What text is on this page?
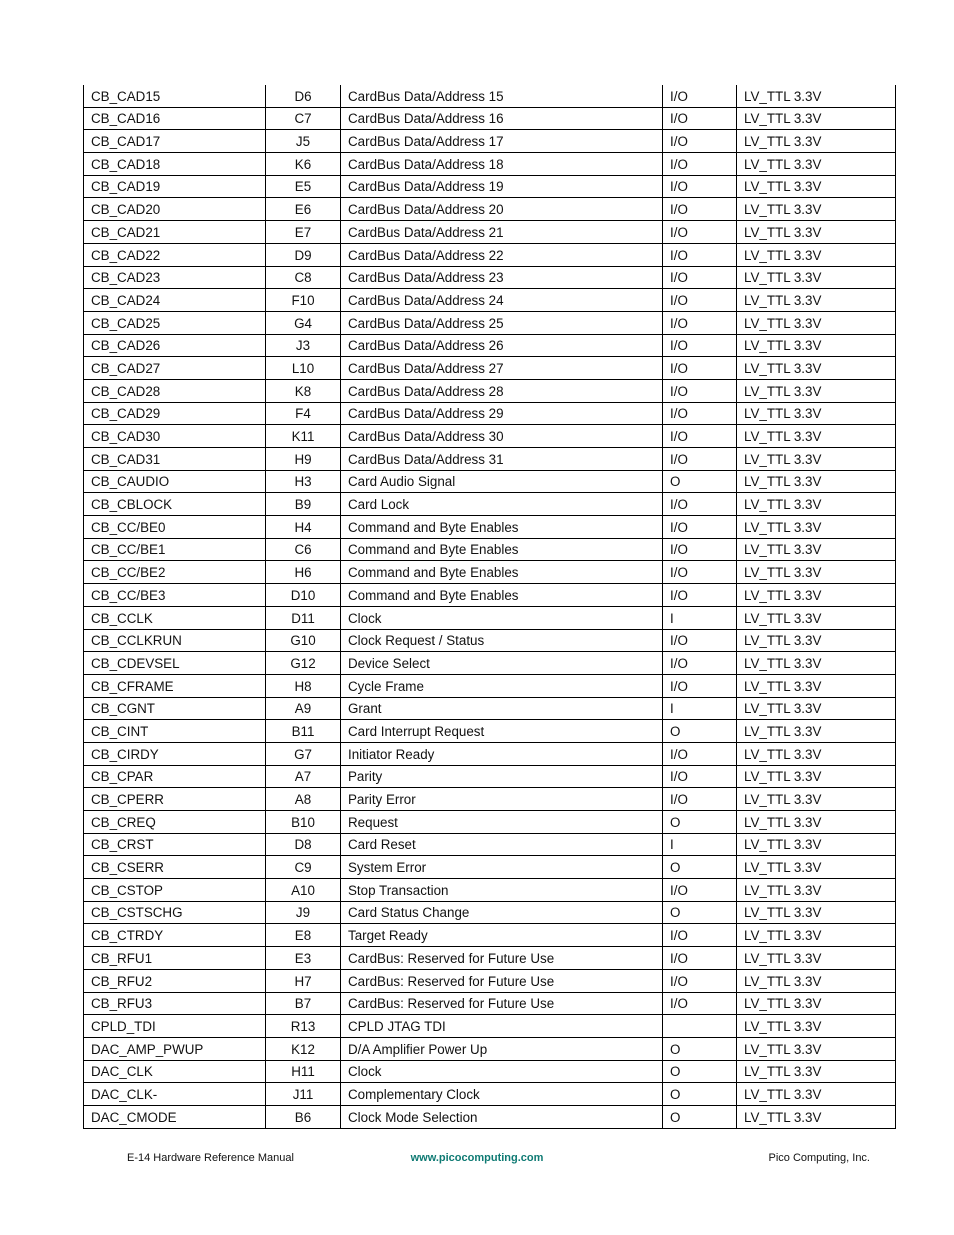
CB_CAD15	D6	CardBus Data/Address 15	I/O	LV_TTL 3.3V
CB_CAD16	C7	CardBus Data/Address 16	I/O	LV_TTL 3.3V
CB_CAD17	J5	CardBus Data/Address 17	I/O	LV_TTL 3.3V
CB_CAD18	K6	CardBus Data/Address 18	I/O	LV_TTL 3.3V
CB_CAD19	E5	CardBus Data/Address 19	I/O	LV_TTL 3.3V
CB_CAD20	E6	CardBus Data/Address 20	I/O	LV_TTL 3.3V
CB_CAD21	E7	CardBus Data/Address 21	I/O	LV_TTL 3.3V
CB_CAD22	D9	CardBus Data/Address 22	I/O	LV_TTL 3.3V
CB_CAD23	C8	CardBus Data/Address 23	I/O	LV_TTL 3.3V
CB_CAD24	F10	CardBus Data/Address 24	I/O	LV_TTL 3.3V
CB_CAD25	G4	CardBus Data/Address 25	I/O	LV_TTL 3.3V
CB_CAD26	J3	CardBus Data/Address 26	I/O	LV_TTL 3.3V
CB_CAD27	L10	CardBus Data/Address 27	I/O	LV_TTL 3.3V
CB_CAD28	K8	CardBus Data/Address 28	I/O	LV_TTL 3.3V
CB_CAD29	F4	CardBus Data/Address 29	I/O	LV_TTL 3.3V
CB_CAD30	K11	CardBus Data/Address 30	I/O	LV_TTL 3.3V
CB_CAD31	H9	CardBus Data/Address 31	I/O	LV_TTL 3.3V
CB_CAUDIO	H3	Card Audio Signal	O	LV_TTL 3.3V
CB_CBLOCK	B9	Card Lock	I/O	LV_TTL 3.3V
CB_CC/BE0	H4	Command and Byte Enables	I/O	LV_TTL 3.3V
CB_CC/BE1	C6	Command and Byte Enables	I/O	LV_TTL 3.3V
CB_CC/BE2	H6	Command and Byte Enables	I/O	LV_TTL 3.3V
CB_CC/BE3	D10	Command and Byte Enables	I/O	LV_TTL 3.3V
CB_CCLK	D11	Clock	I	LV_TTL 3.3V
CB_CCLKRUN	G10	Clock Request / Status	I/O	LV_TTL 3.3V
CB_CDEVSEL	G12	Device Select	I/O	LV_TTL 3.3V
CB_CFRAME	H8	Cycle Frame	I/O	LV_TTL 3.3V
CB_CGNT	A9	Grant	I	LV_TTL 3.3V
CB_CINT	B11	Card Interrupt Request	O	LV_TTL 3.3V
CB_CIRDY	G7	Initiator Ready	I/O	LV_TTL 3.3V
CB_CPAR	A7	Parity	I/O	LV_TTL 3.3V
CB_CPERR	A8	Parity Error	I/O	LV_TTL 3.3V
CB_CREQ	B10	Request	O	LV_TTL 3.3V
CB_CRST	D8	Card Reset	I	LV_TTL 3.3V
CB_CSERR	C9	System Error	O	LV_TTL 3.3V
CB_CSTOP	A10	Stop Transaction	I/O	LV_TTL 3.3V
CB_CSTSCHG	J9	Card Status Change	O	LV_TTL 3.3V
CB_CTRDY	E8	Target Ready	I/O	LV_TTL 3.3V
CB_RFU1	E3	CardBus: Reserved for Future Use	I/O	LV_TTL 3.3V
CB_RFU2	H7	CardBus: Reserved for Future Use	I/O	LV_TTL 3.3V
CB_RFU3	B7	CardBus: Reserved for Future Use	I/O	LV_TTL 3.3V
CPLD_TDI	R13	CPLD JTAG TDI		LV_TTL 3.3V
DAC_AMP_PWUP	K12	D/A Amplifier Power Up	O	LV_TTL 3.3V
DAC_CLK	H11	Clock	O	LV_TTL 3.3V
DAC_CLK-	J11	Complementary Clock	O	LV_TTL 3.3V
DAC_CMODE	B6	Clock Mode Selection	O	LV_TTL 3.3V
E-14 Hardware Reference Manual	www.picocomputing.com	Pico Computing, Inc.
